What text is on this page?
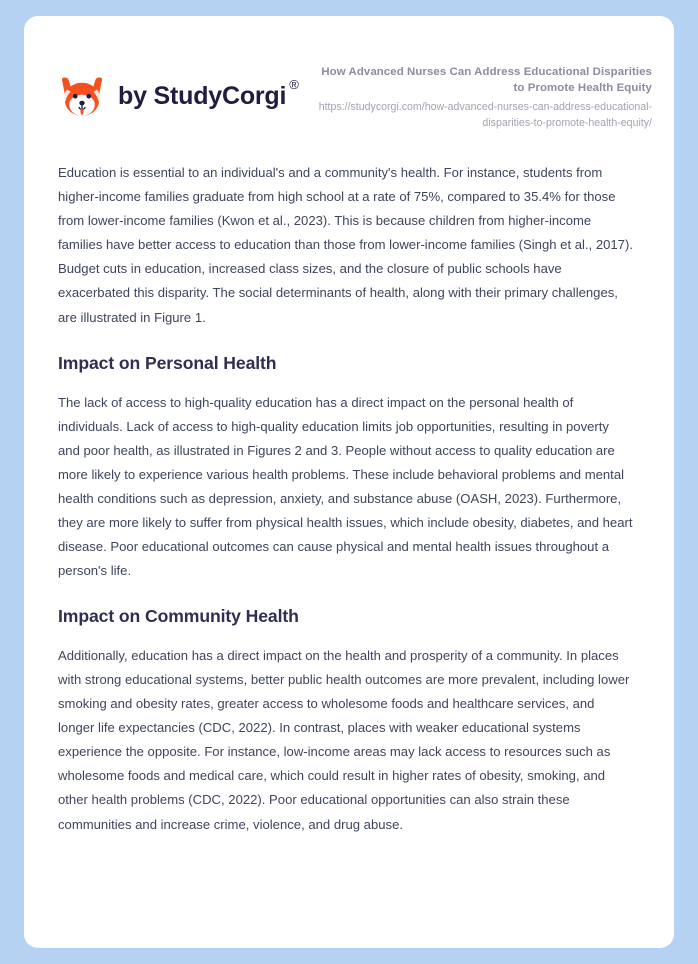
by StudyCorgi ®

How Advanced Nurses Can Address Educational Disparities to Promote Health Equity

https://studycorgi.com/how-advanced-nurses-can-address-educational-disparities-to-promote-health-equity/

Education is essential to an individual's and a community's health. For instance, students from higher-income families graduate from high school at a rate of 75%, compared to 35.4% for those from lower-income families (Kwon et al., 2023). This is because children from higher-income families have better access to education than those from lower-income families (Singh et al., 2017). Budget cuts in education, increased class sizes, and the closure of public schools have exacerbated this disparity. The social determinants of health, along with their primary challenges, are illustrated in Figure 1.

Impact on Personal Health

The lack of access to high-quality education has a direct impact on the personal health of individuals. Lack of access to high-quality education limits job opportunities, resulting in poverty and poor health, as illustrated in Figures 2 and 3. People without access to quality education are more likely to experience various health problems. These include behavioral problems and mental health conditions such as depression, anxiety, and substance abuse (OASH, 2023). Furthermore, they are more likely to suffer from physical health issues, which include obesity, diabetes, and heart disease. Poor educational outcomes can cause physical and mental health issues throughout a person's life.

Impact on Community Health

Additionally, education has a direct impact on the health and prosperity of a community. In places with strong educational systems, better public health outcomes are more prevalent, including lower smoking and obesity rates, greater access to wholesome foods and healthcare services, and longer life expectancies (CDC, 2022). In contrast, places with weaker educational systems experience the opposite. For instance, low-income areas may lack access to resources such as wholesome foods and medical care, which could result in higher rates of obesity, smoking, and other health problems (CDC, 2022). Poor educational opportunities can also strain these communities and increase crime, violence, and drug abuse.
